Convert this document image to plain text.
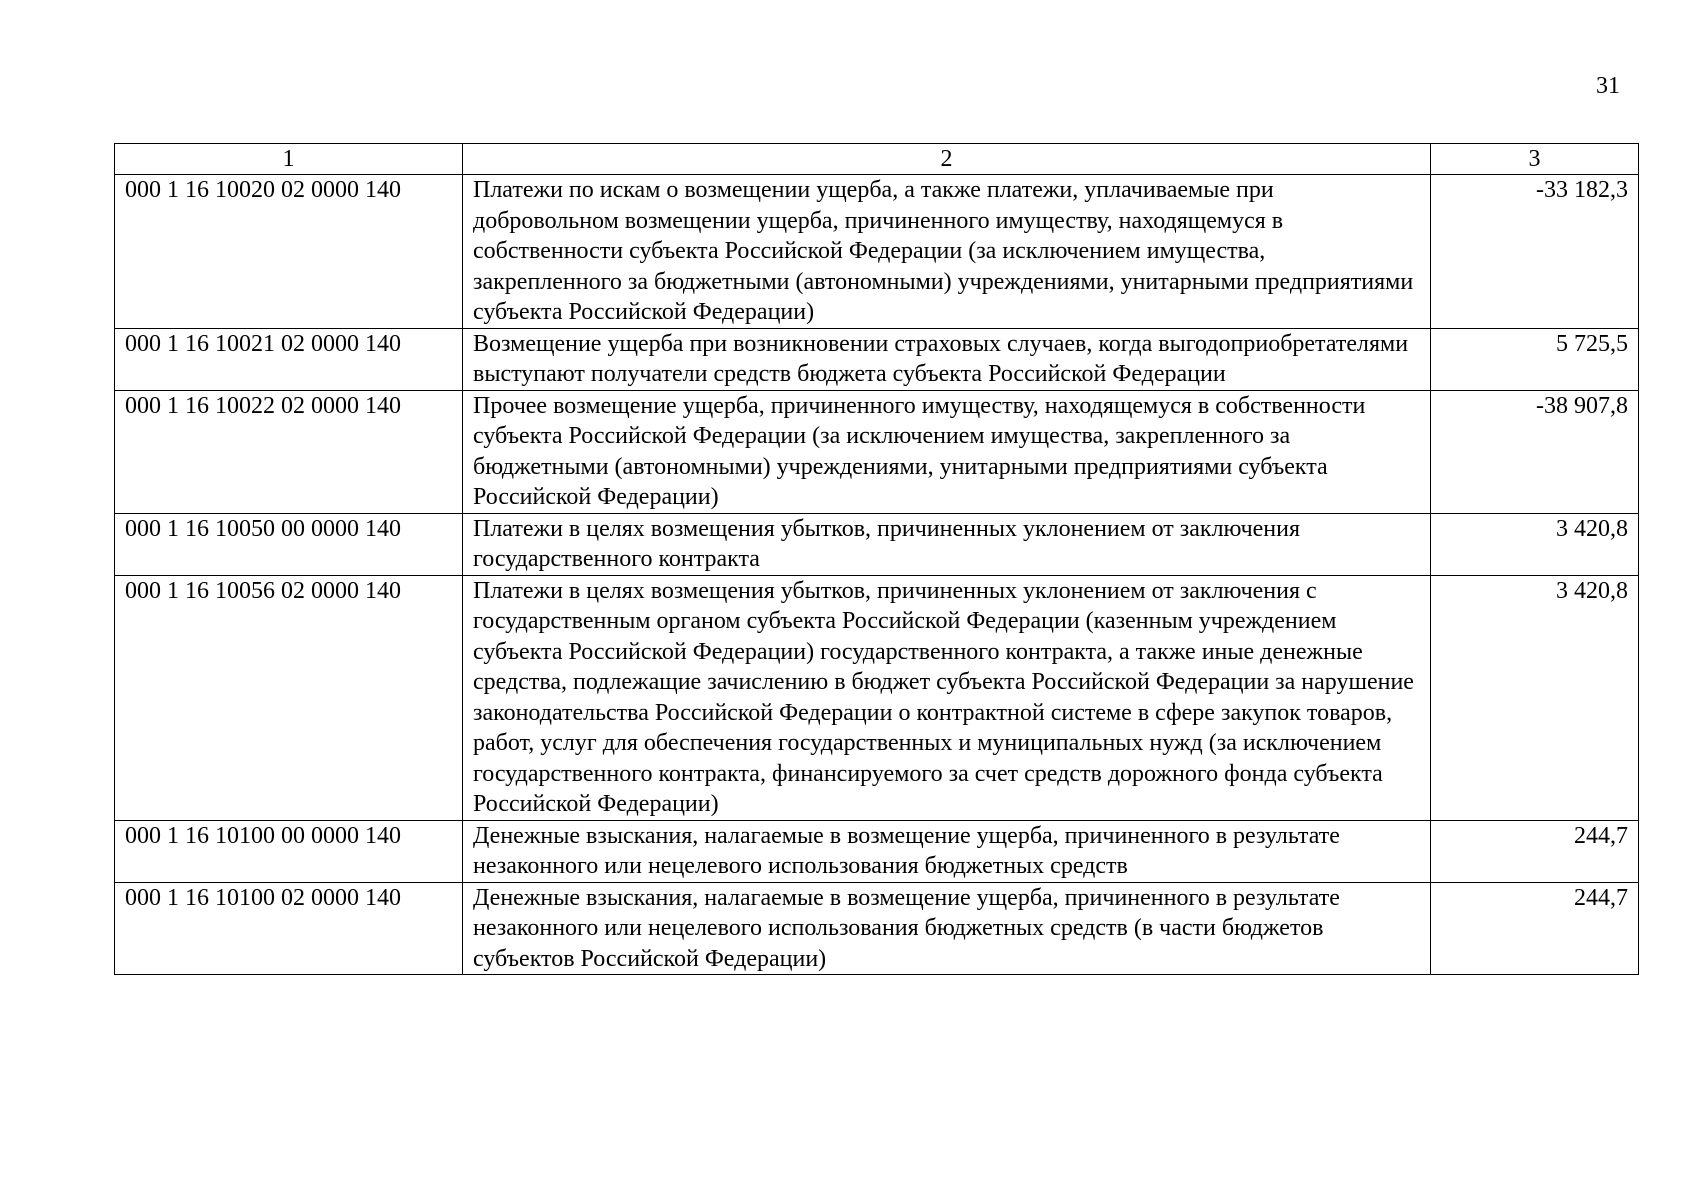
31
1	2	3
000 1 16 10020 02 0000 140	Платежи по искам о возмещении ущерба, а также платежи, уплачиваемые при добровольном возмещении ущерба, причиненного имуществу, находящемуся в собственности субъекта Российской Федерации (за исключением имущества, закрепленного за бюджетными (автономными) учреждениями, унитарными предприятиями субъекта Российской Федерации)	-33 182,3
000 1 16 10021 02 0000 140	Возмещение ущерба при возникновении страховых случаев, когда выгодоприобретателями выступают получатели средств бюджета субъекта Российской Федерации	5 725,5
000 1 16 10022 02 0000 140	Прочее возмещение ущерба, причиненного имуществу, находящемуся в собственности субъекта Российской Федерации (за исключением имущества, закрепленного за бюджетными (автономными) учреждениями, унитарными предприятиями субъекта Российской Федерации)	-38 907,8
000 1 16 10050 00 0000 140	Платежи в целях возмещения убытков, причиненных уклонением от заключения государственного контракта	3 420,8
000 1 16 10056 02 0000 140	Платежи в целях возмещения убытков, причиненных уклонением от заключения с государственным органом субъекта Российской Федерации (казенным учреждением субъекта Российской Федерации) государственного контракта, а также иные денежные средства, подлежащие зачислению в бюджет субъекта Российской Федерации за нарушение законодательства Российской Федерации о контрактной системе в сфере закупок товаров, работ, услуг для обеспечения государственных и муниципальных нужд (за исключением государственного контракта, финансируемого за счет средств дорожного фонда субъекта Российской Федерации)	3 420,8
000 1 16 10100 00 0000 140	Денежные взыскания, налагаемые в возмещение ущерба, причиненного в результате незаконного или нецелевого использования бюджетных средств	244,7
000 1 16 10100 02 0000 140	Денежные взыскания, налагаемые в возмещение ущерба, причиненного в результате незаконного или нецелевого использования бюджетных средств (в части бюджетов субъектов Российской Федерации)	244,7
